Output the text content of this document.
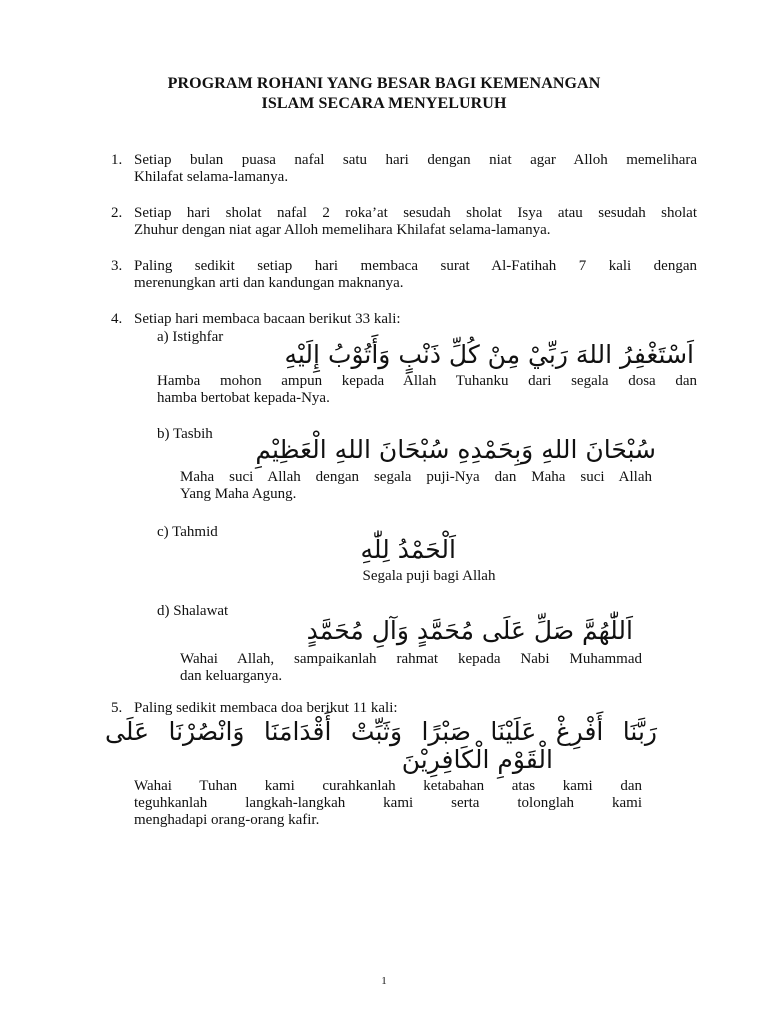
PROGRAM ROHANI YANG BESAR BAGI KEMENANGAN
ISLAM SECARA MENYELURUH
1. Setiap bulan puasa nafal satu hari dengan niat agar Alloh memelihara
Khilafat selama-lamanya.
2. Setiap hari sholat nafal 2 roka’at sesudah sholat Isya atau sesudah sholat
Zhuhur dengan niat agar Alloh memelihara Khilafat selama-lamanya.
3. Paling sedikit setiap hari membaca surat Al-Fatihah 7 kali dengan
merenungkan arti dan kandungan maknanya.
4. Setiap hari membaca bacaan berikut 33 kali:
a) Istighfar
اَسْتَغْفِرُ اللهَ رَبِّيْ مِنْ كُلِّ ذَنْبٍ وَأَتُوْبُ إِلَيْهِ
Hamba mohon ampun kepada Allah Tuhanku dari segala dosa dan
hamba bertobat kepada-Nya.
b) Tasbih
سُبْحَانَ اللهِ وَبِحَمْدِهِ سُبْحَانَ اللهِ الْعَظِيْمِ
Maha suci Allah dengan segala puji-Nya dan Maha suci Allah
Yang Maha Agung.
c) Tahmid
اَلْحَمْدُ لِلّٰهِ
Segala puji bagi Allah
d) Shalawat
اَللّٰهُمَّ صَلِّ عَلَى مُحَمَّدٍ وَآلِ مُحَمَّدٍ
Wahai Allah, sampaikanlah rahmat kepada Nabi Muhammad
dan keluarganya.
5. Paling sedikit membaca doa berikut 11 kali:
رَبَّنَا أَفْرِغْ عَلَيْنَا صَبْرًا وَثَبِّتْ أَقْدَامَنَا وَانْصُرْنَا عَلَى
الْقَوْمِ الْكَافِرِيْنَ
Wahai Tuhan kami curahkanlah ketabahan atas kami dan
teguhkanlah langkah-langkah kami serta tolonglah kami
menghadapi orang-orang kafir.
1
